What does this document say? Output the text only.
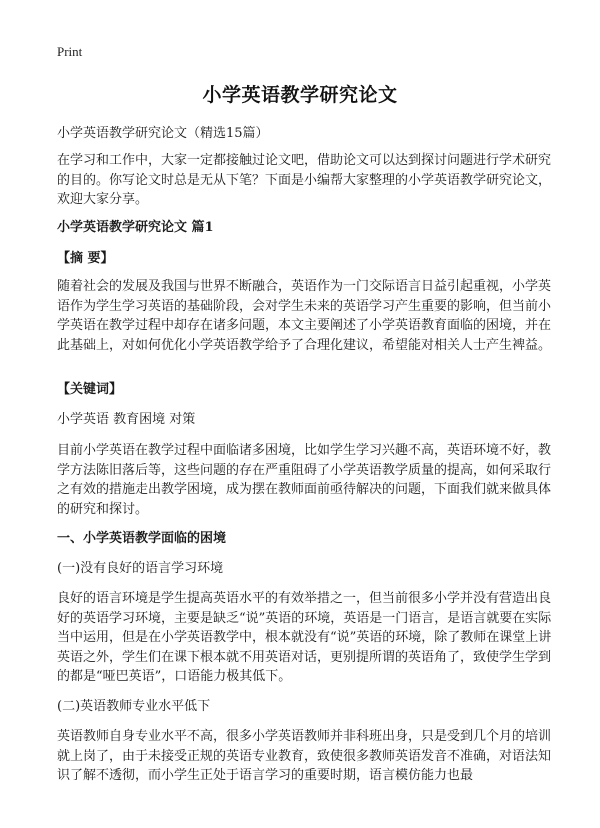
Print
小学英语教学研究论文

小学英语教学研究论文（精选15篇）

在学习和工作中，大家一定都接触过论文吧，借助论文可以达到探讨问题进行学术研究的目的。你写论文时总是无从下笔？下面是小编帮大家整理的小学英语教学研究论文，欢迎大家分享。

小学英语教学研究论文 篇1

【摘 要】

随着社会的发展及我国与世界不断融合，英语作为一门交际语言日益引起重视，小学英语作为学生学习英语的基础阶段，会对学生未来的英语学习产生重要的影响，但当前小学英语在教学过程中却存在诸多问题，本文主要阐述了小学英语教育面临的困境，并在此基础上，对如何优化小学英语教学给予了合理化建议，希望能对相关人士产生裨益。

【关键词】

小学英语 教育困境 对策

目前小学英语在教学过程中面临诸多困境，比如学生学习兴趣不高，英语环境不好，教学方法陈旧落后等，这些问题的存在严重阻碍了小学英语教学质量的提高，如何采取行之有效的措施走出教学困境，成为摆在教师面前亟待解决的问题，下面我们就来做具体的研究和探讨。

一、小学英语教学面临的困境

(一)没有良好的语言学习环境

良好的语言环境是学生提高英语水平的有效举措之一，但当前很多小学并没有营造出良好的英语学习环境，主要是缺乏“说”英语的环境，英语是一门语言，是语言就要在实际当中运用，但是在小学英语教学中，根本就没有“说”英语的环境，除了教师在课堂上讲英语之外，学生们在课下根本就不用英语对话，更别提所谓的英语角了，致使学生学到的都是“哑巴英语”，口语能力极其低下。

(二)英语教师专业水平低下

英语教师自身专业水平不高，很多小学英语教师并非科班出身，只是受到几个月的培训就上岗了，由于未接受正规的英语专业教育，致使很多教师英语发音不准确，对语法知识了解不透彻，而小学生正处于语言学习的重要时期，语言模仿能力也最
